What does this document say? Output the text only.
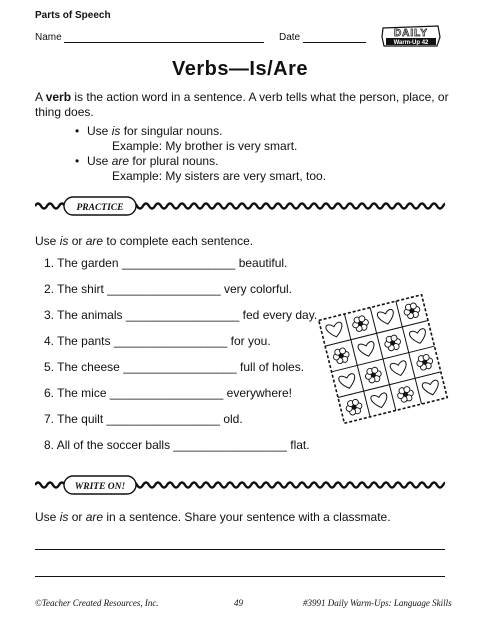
Parts of Speech
Name	Date	DAILY
Warm-Up 42
Verbs—Is/Are
A verb is the action word in a sentence. A verb tells what the person, place, or thing does.
• Use is for singular nouns.
Example: My brother is very smart.
• Use are for plural nouns.
Example: My sisters are very smart, too.
PRACTICE
Use is or are to complete each sentence.
1. The garden _________________ beautiful.
2. The shirt _________________ very colorful.
3. The animals _________________ fed every day.
4. The pants _________________ for you.
5. The cheese _________________ full of holes.
6. The mice _________________ everywhere!
7. The quilt _________________ old.
8. All of the soccer balls _________________ flat.
WRITE ON!
Use is or are in a sentence. Share your sentence with a classmate.
©Teacher Created Resources, Inc.	49	#3991 Daily Warm-Ups: Language Skills
